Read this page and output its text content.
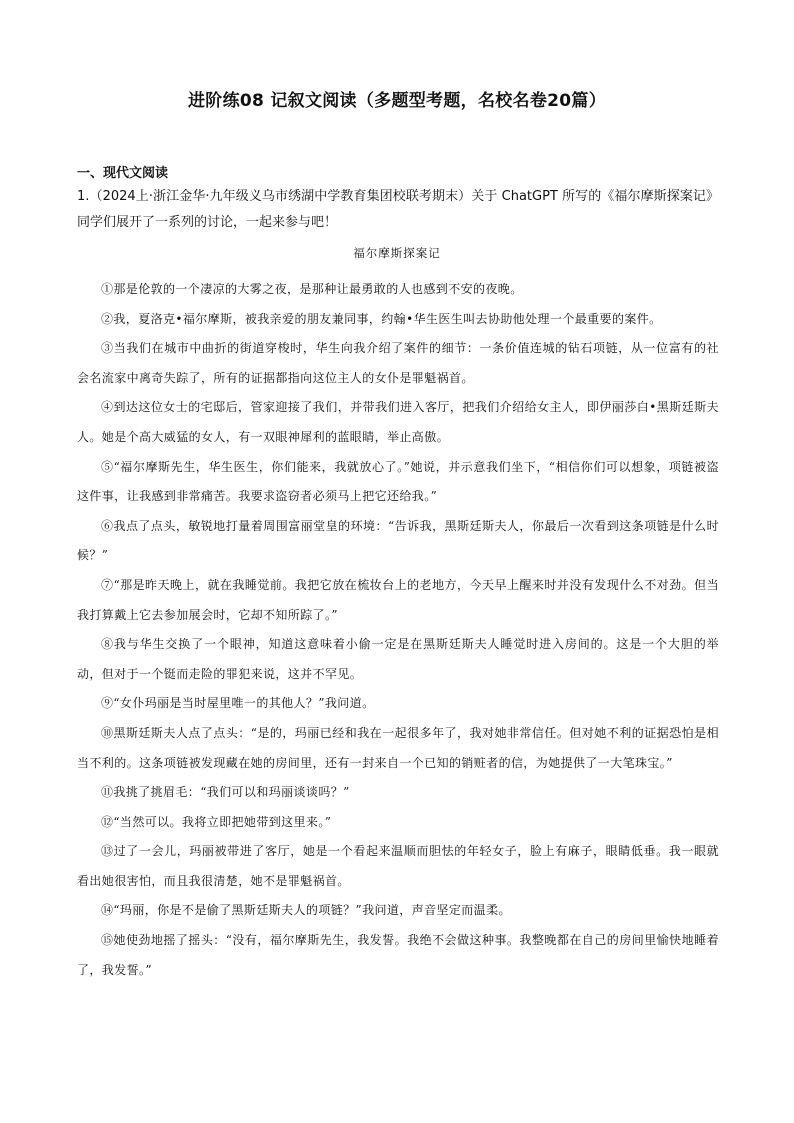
进阶练08 记叙文阅读（多题型考题，名校名卷20篇）
一、现代文阅读
1.（2024上·浙江金华·九年级义乌市绣湖中学教育集团校联考期末）关于 ChatGPT 所写的《福尔摩斯探案记》 同学们展开了一系列的讨论，一起来参与吧！
福尔摩斯探案记

①那是伦敦的一个凄凉的大雾之夜，是那种让最勇敢的人也感到不安的夜晚。

②我，夏洛克•福尔摩斯，被我亲爱的朋友兼同事，约翰•华生医生叫去协助他处理一个最重要的案件。

③当我们在城市中曲折的街道穿梭时，华生向我介绍了案件的细节：一条价值连城的钻石项链，从一位富有的社会名流家中离奇失踪了，所有的证据都指向这位主人的女仆是罪魁祸首。

④到达这位女士的宅邸后，管家迎接了我们，并带我们进入客厅，把我们介绍给女主人，即伊丽莎白•黑斯廷斯夫人。她是个高大威猛的女人，有一双眼神犀利的蓝眼睛，举止高傲。

⑤“福尔摩斯先生，华生医生，你们能来，我就放心了。”她说，并示意我们坐下，“相信你们可以想象，项链被盗这件事，让我感到非常痛苦。我要求盗窃者必须马上把它还给我。”

⑥我点了点头，敏锐地打量着周围富丽堂皇的环境：“告诉我，黑斯廷斯夫人，你最后一次看到这条项链是什么时候？”

⑦“那是昨天晚上，就在我睡觉前。我把它放在梳妆台上的老地方，今天早上醒来时并没有发现什么不对劲。但当我打算戴上它去参加展会时，它却不知所踪了。”

⑧我与华生交换了一个眼神，知道这意味着小偷一定是在黑斯廷斯夫人睡觉时进入房间的。这是一个大胆的举动，但对于一个铤而走险的罪犯来说，这并不罕见。

⑨“女仆玛丽是当时屋里唯一的其他人？”我问道。

⑩黑斯廷斯夫人点了点头：“是的，玛丽已经和我在一起很多年了，我对她非常信任。但对她不利的证据恐怕是相当不利的。这条项链被发现藏在她的房间里，还有一封来自一个已知的销赃者的信，为她提供了一大笔珠宝。”

⑪我挑了挑眉毛：“我们可以和玛丽谈谈吗？”

⑫“当然可以。我将立即把她带到这里来。”

⑬过了一会儿，玛丽被带进了客厅，她是一个看起来温顺而胆怯的年轻女子，脸上有麻子，眼睛低垂。我一眼就看出她很害怕，而且我很清楚，她不是罪魁祸首。

⑭“玛丽，你是不是偷了黑斯廷斯夫人的项链？”我问道，声音坚定而温柔。

⑮她使劲地摇了摇头：“没有，福尔摩斯先生，我发誓。我绝不会做这种事。我整晚都在自己的房间里愉快地睡着了，我发誓。”
